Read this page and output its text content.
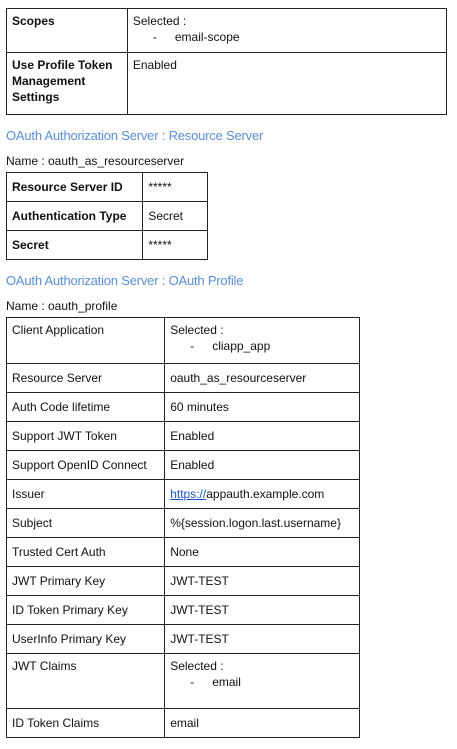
Scopes	Selected :
- email-scope

Use Profile Token Management Settings	Enabled
OAuth Authorization Server : Resource Server
Name : oauth_as_resourceserver
Resource Server ID	*****
Authentication Type	Secret
Secret	*****
OAuth Authorization Server : OAuth Profile
Name : oauth_profile
Client Application	Selected :
- cliapp_app

Resource Server	oauth_as_resourceserver
Auth Code lifetime	60 minutes
Support JWT Token	Enabled
Support OpenID Connect	Enabled
Issuer	https://appauth.example.com
Subject	%{session.logon.last.username}
Trusted Cert Auth	None
JWT Primary Key	JWT-TEST
ID Token Primary Key	JWT-TEST
UserInfo Primary Key	JWT-TEST
JWT Claims	Selected :
- email

ID Token Claims	email
